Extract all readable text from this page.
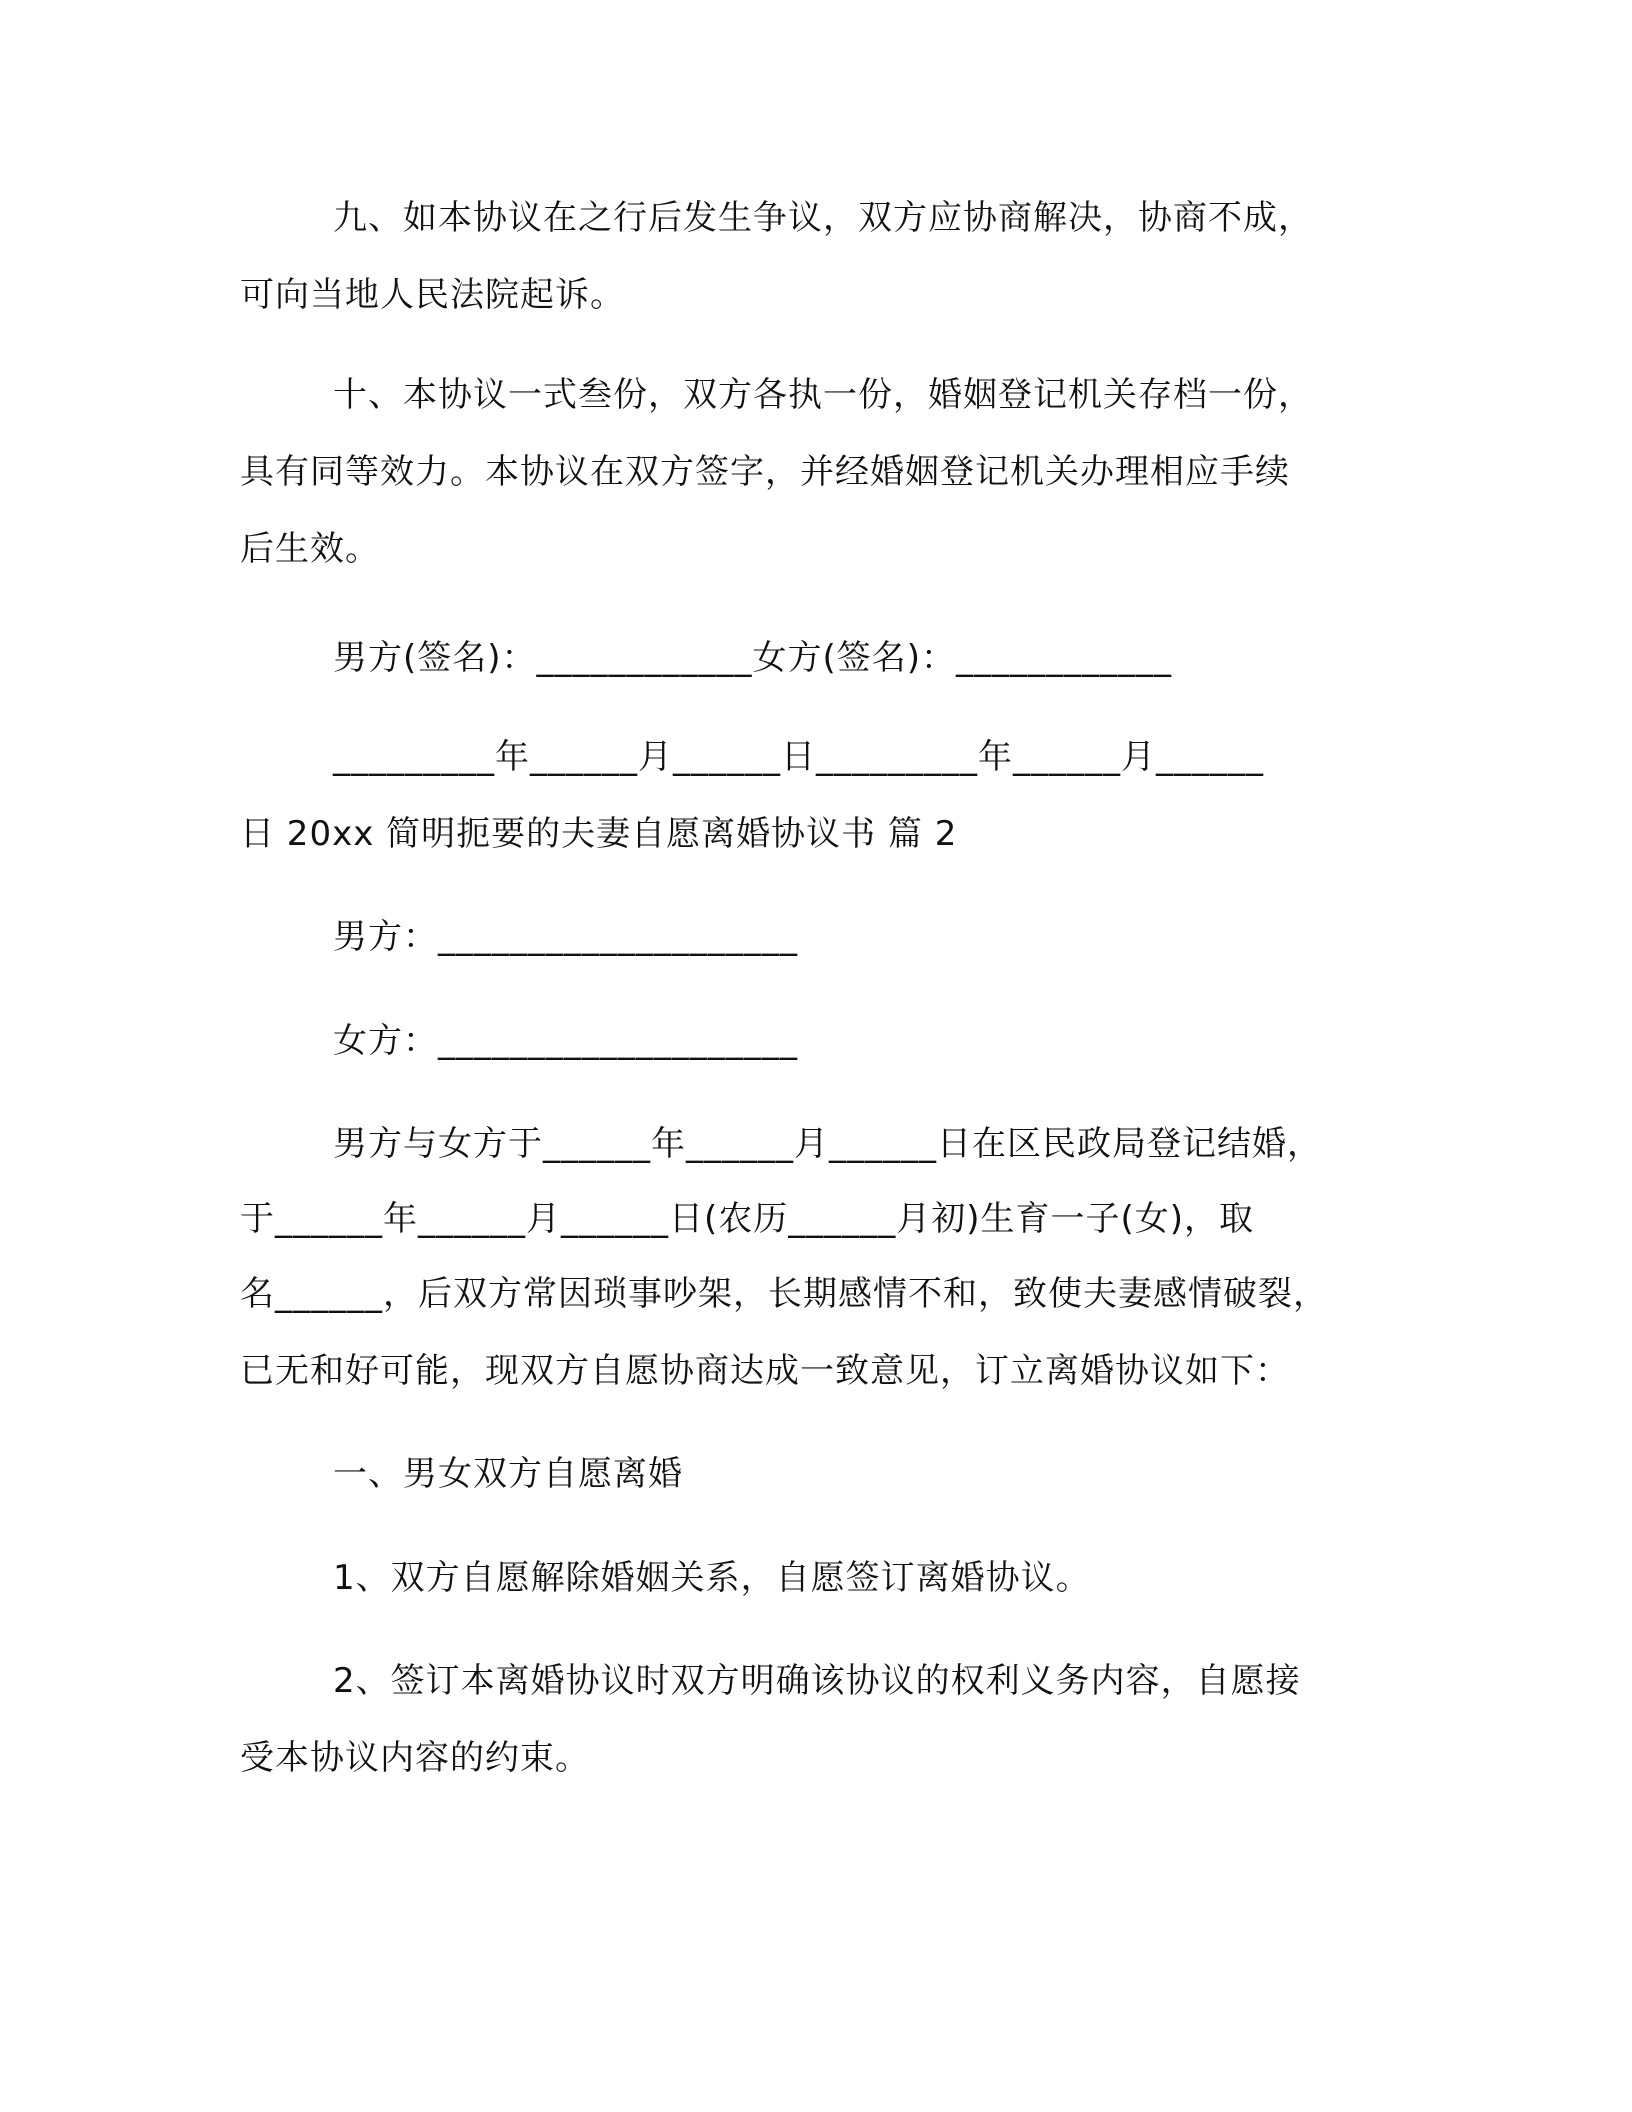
九、如本协议在之行后发生争议，双方应协商解决，协商不成，
可向当地人民法院起诉。
十、本协议一式叁份，双方各执一份，婚姻登记机关存档一份，
具有同等效力。本协议在双方签字，并经婚姻登记机关办理相应手续
后生效。
男方(签名)：____________女方(签名)：____________
_________年______月______日_________年______月______
日 20xx 简明扼要的夫妻自愿离婚协议书 篇 2
男方：____________________
女方：____________________
男方与女方于______年______月______日在区民政局登记结婚，
于______年______月______日(农历______月初)生育一子(女)，取
名______，后双方常因琐事吵架，长期感情不和，致使夫妻感情破裂，
已无和好可能，现双方自愿协商达成一致意见，订立离婚协议如下：
一、男女双方自愿离婚
1、双方自愿解除婚姻关系，自愿签订离婚协议。
2、签订本离婚协议时双方明确该协议的权利义务内容，自愿接
受本协议内容的约束。
